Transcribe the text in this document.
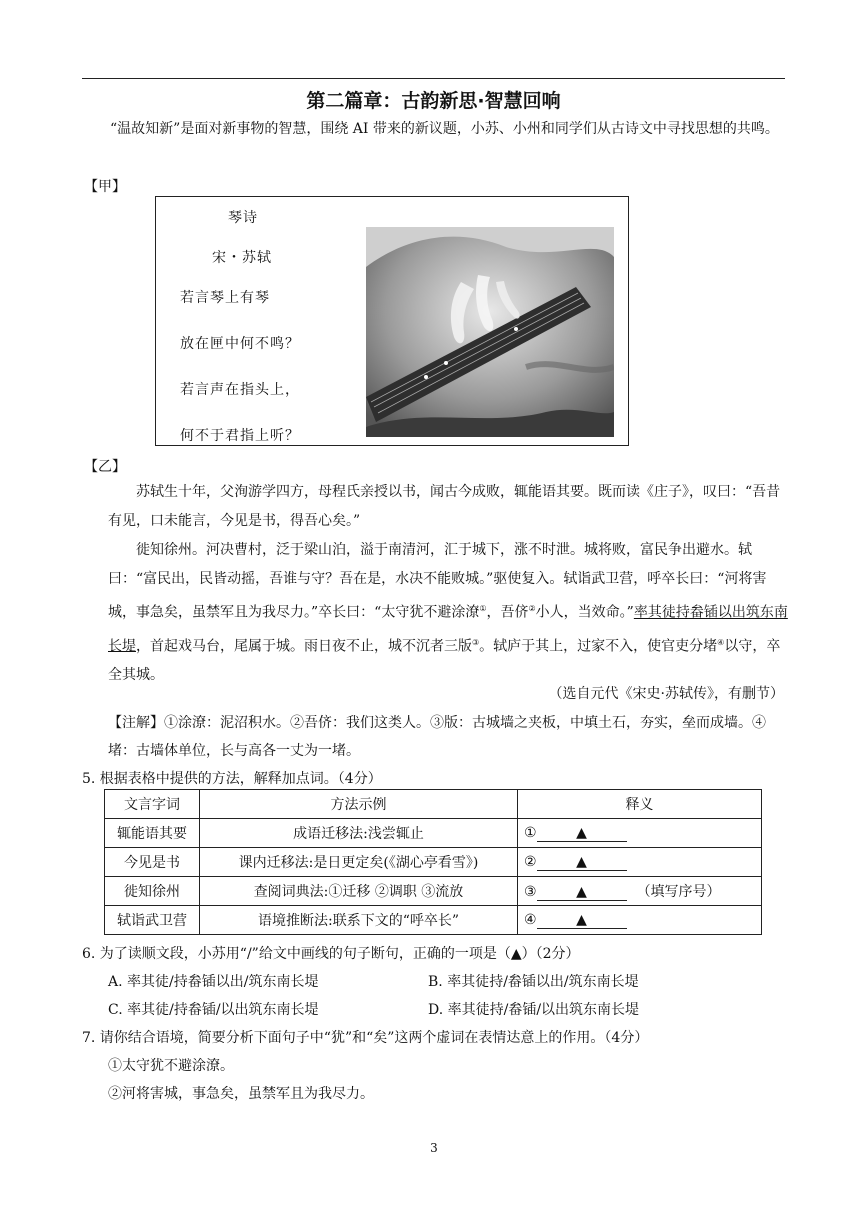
第二篇章：古韵新思·智慧回响
“温故知新”是面对新事物的智慧，围绕 AI 带来的新议题，小苏、小州和同学们从古诗文中寻找思想的共鸣。
【甲】
琴诗
宋・苏轼
若言琴上有琴
放在匣中何不鸣？
若言声在指头上，
何不于君指上听？
【乙】

苏轼生十年，父洵游学四方，母程氏亲授以书，闻古今成败，辄能语其要。既而读《庄子》，叹曰：“吾昔有见，口未能言，今见是书，得吾心矣。”

徙知徐州。河决曹村，泛于梁山泊，溢于南清河，汇于城下，涨不时泄。城将败，富民争出避水。轼曰：“富民出，民皆动摇，吾谁与守？吾在是，水决不能败城。”驱使复入。轼诣武卫营，呼卒长曰：“河将害城，事急矣，虽禁军且为我尽力。”卒长曰：“太守犹不避涂潦①，吾侪②小人，当效命。”率其徒持畚锸以出筑东南长堤，首起戏马台，尾属于城。雨日夜不止，城不沉者三版③。轼庐于其上，过家不入，使官吏分堵④以守，卒全其城。

（选自元代《宋史·苏轼传》，有删节）
【注解】①涂潦：泥沼积水。②吾侪：我们这类人。③版：古城墙之夹板，中填土石，夯实，垒而成墙。④堵：古墙体单位，长与高各一丈为一堵。
5. 根据表格中提供的方法，解释加点词。（4分）
文言字词	方法示例	释义
辄能语其要	成语迁移法:浅尝辄止	① ▲
今见是书	课内迁移法:是日更定矣(《湖心亭看雪》)	② ▲
徙知徐州	查阅词典法:①迁移 ②调职 ③流放	③ ▲ （填写序号）
轼诣武卫营	语境推断法:联系下文的“呼卒长”	④ ▲
6. 为了读顺文段，小苏用“/”给文中画线的句子断句，正确的一项是（▲）（2分）
A. 率其徒/持畚锸以出/筑东南长堤	B. 率其徒持/畚锸以出/筑东南长堤
C. 率其徒/持畚锸/以出筑东南长堤	D. 率其徒持/畚锸/以出筑东南长堤
7. 请你结合语境，简要分析下面句子中“犹”和“矣”这两个虚词在表情达意上的作用。（4分）
①太守犹不避涂潦。
②河将害城，事急矣，虽禁军且为我尽力。
3
